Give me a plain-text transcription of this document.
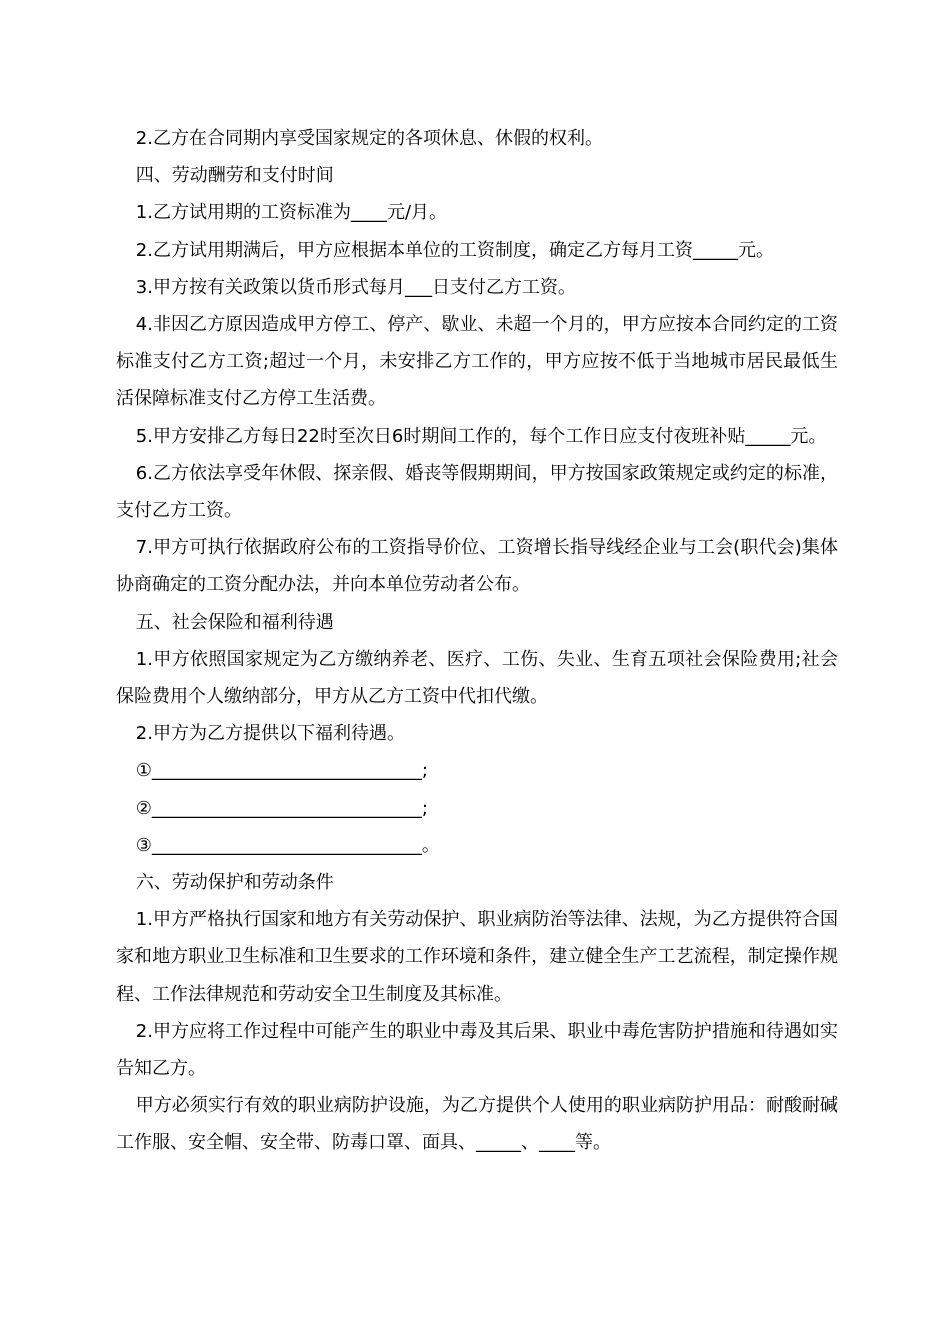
2.乙方在合同期内享受国家规定的各项休息、休假的权利。

四、劳动酬劳和支付时间

1.乙方试用期的工资标准为____元/月。

2.乙方试用期满后，甲方应根据本单位的工资制度，确定乙方每月工资_____元。

3.甲方按有关政策以货币形式每月___日支付乙方工资。

4.非因乙方原因造成甲方停工、停产、歇业、未超一个月的，甲方应按本合同约定的工资标准支付乙方工资;超过一个月，未安排乙方工作的，甲方应按不低于当地城市居民最低生活保障标准支付乙方停工生活费。

5.甲方安排乙方每日22时至次日6时期间工作的，每个工作日应支付夜班补贴_____元。

6.乙方依法享受年休假、探亲假、婚丧等假期期间，甲方按国家政策规定或约定的标准，支付乙方工资。

7.甲方可执行依据政府公布的工资指导价位、工资增长指导线经企业与工会(职代会)集体协商确定的工资分配办法，并向本单位劳动者公布。

五、社会保险和福利待遇

1.甲方依照国家规定为乙方缴纳养老、医疗、工伤、失业、生育五项社会保险费用;社会保险费用个人缴纳部分，甲方从乙方工资中代扣代缴。

2.甲方为乙方提供以下福利待遇。

①______________________________;

②______________________________;

③______________________________。

六、劳动保护和劳动条件

1.甲方严格执行国家和地方有关劳动保护、职业病防治等法律、法规，为乙方提供符合国家和地方职业卫生标准和卫生要求的工作环境和条件，建立健全生产工艺流程，制定操作规程、工作法律规范和劳动安全卫生制度及其标准。

2.甲方应将工作过程中可能产生的职业中毒及其后果、职业中毒危害防护措施和待遇如实告知乙方。

甲方必须实行有效的职业病防护设施，为乙方提供个人使用的职业病防护用品：耐酸耐碱工作服、安全帽、安全带、防毒口罩、面具、_____、____等。
